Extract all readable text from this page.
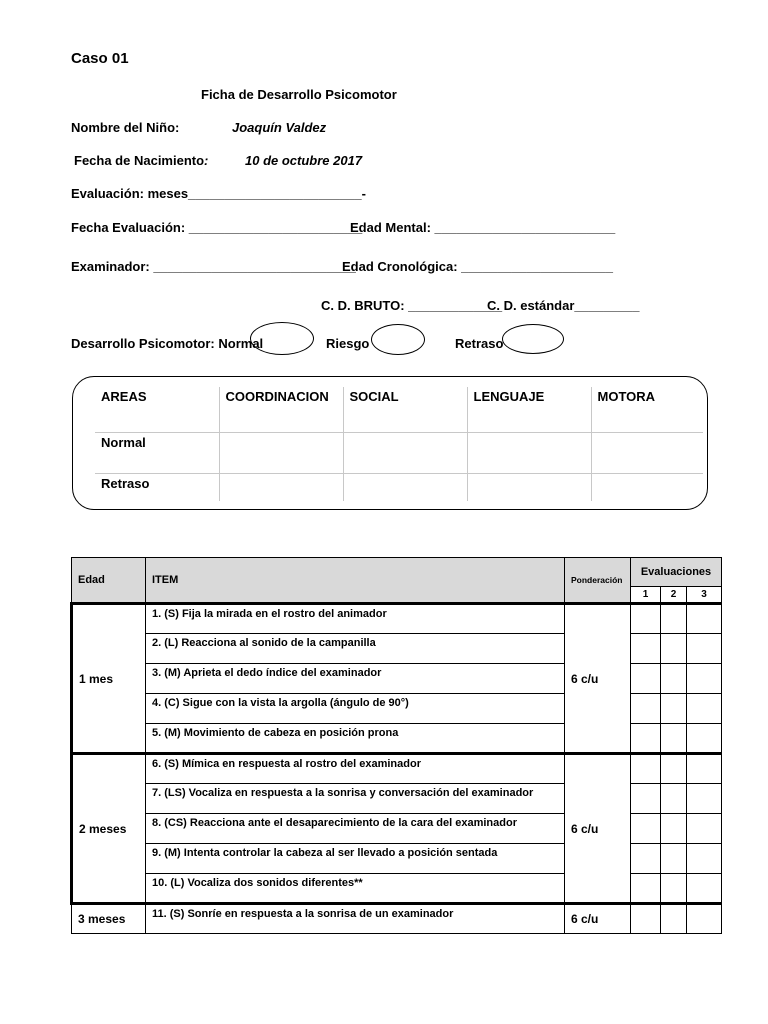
Caso 01
Ficha de Desarrollo Psicomotor
Nombre del Niño:	Joaquín Valdez
Fecha de Nacimiento:	10 de octubre 2017
Evaluación: meses________________________-
Fecha Evaluación: ________________________
Edad Mental: _________________________
Examinador: ____________________________
Edad Cronológica: _____________________
C. D. BRUTO: _____________
C. D. estándar_________
Desarrollo Psicomotor: Normal	Riesgo	Retraso
AREAS	COORDINACION	SOCIAL	LENGUAJE	MOTORA
Normal				
Retraso				
Edad	ITEM	Ponderación	Evaluaciones		
			1	2	3
1 mes	1. (S) Fija la mirada en el rostro del animador	6 c/u			
	2. (L) Reacciona al sonido de la campanilla				
	3. (M) Aprieta el dedo índice del examinador				
	4. (C) Sigue con la vista la argolla (ángulo de 90°)				
	5. (M) Movimiento de cabeza en posición prona				
2 meses	6. (S) Mímica en respuesta al rostro del examinador	6 c/u			
	7. (LS) Vocaliza en respuesta a la sonrisa y conversación del examinador				
	8. (CS) Reacciona ante el desaparecimiento de la cara del examinador				
	9. (M) Intenta controlar la cabeza al ser llevado a posición sentada				
	10. (L) Vocaliza dos sonidos diferentes**				
3 meses	11. (S) Sonríe en respuesta a la sonrisa de un examinador	6 c/u			
